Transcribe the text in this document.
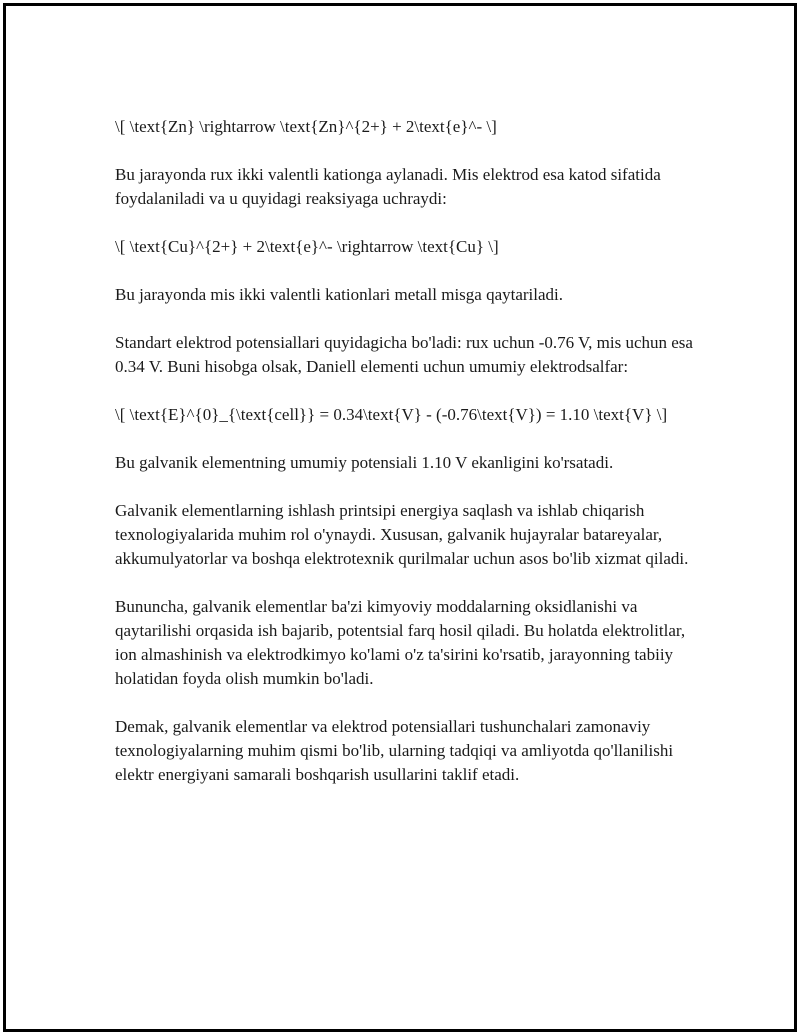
\[ \text{Zn} \rightarrow \text{Zn}^{2+} + 2\text{e}^- \]

Bu jarayonda rux ikki valentli kationga aylanadi. Mis elektrod esa katod sifatida foydalaniladi va u quyidagi reaksiyaga uchraydi:

\[ \text{Cu}^{2+} + 2\text{e}^- \rightarrow \text{Cu} \]

Bu jarayonda mis ikki valentli kationlari metall misga qaytariladi.

Standart elektrod potensiallari quyidagicha bo'ladi: rux uchun -0.76 V, mis uchun esa 0.34 V. Buni hisobga olsak, Daniell elementi uchun umumiy elektrodsalfar:

\[ \text{E}^{0}_{\text{cell}} = 0.34\text{V} - (-0.76\text{V}) = 1.10 \text{V} \]

Bu galvanik elementning umumiy potensiali 1.10 V ekanligini ko'rsatadi.

Galvanik elementlarning ishlash printsipi energiya saqlash va ishlab chiqarish texnologiyalarida muhim rol o'ynaydi. Xususan, galvanik hujayralar batareyalar, akkumulyatorlar va boshqa elektrotexnik qurilmalar uchun asos bo'lib xizmat qiladi.

Bununcha, galvanik elementlar ba'zi kimyoviy moddalarning oksidlanishi va qaytarilishi orqasida ish bajarib, potentsial farq hosil qiladi. Bu holatda elektrolitlar, ion almashinish va elektrodkimyo ko'lami o'z ta'sirini ko'rsatib, jarayonning tabiiy holatidan foyda olish mumkin bo'ladi.

Demak, galvanik elementlar va elektrod potensiallari tushunchalari zamonaviy texnologiyalarning muhim qismi bo'lib, ularning tadqiqi va amliyotda qo'llanilishi elektr energiyani samarali boshqarish usullarini taklif etadi.
